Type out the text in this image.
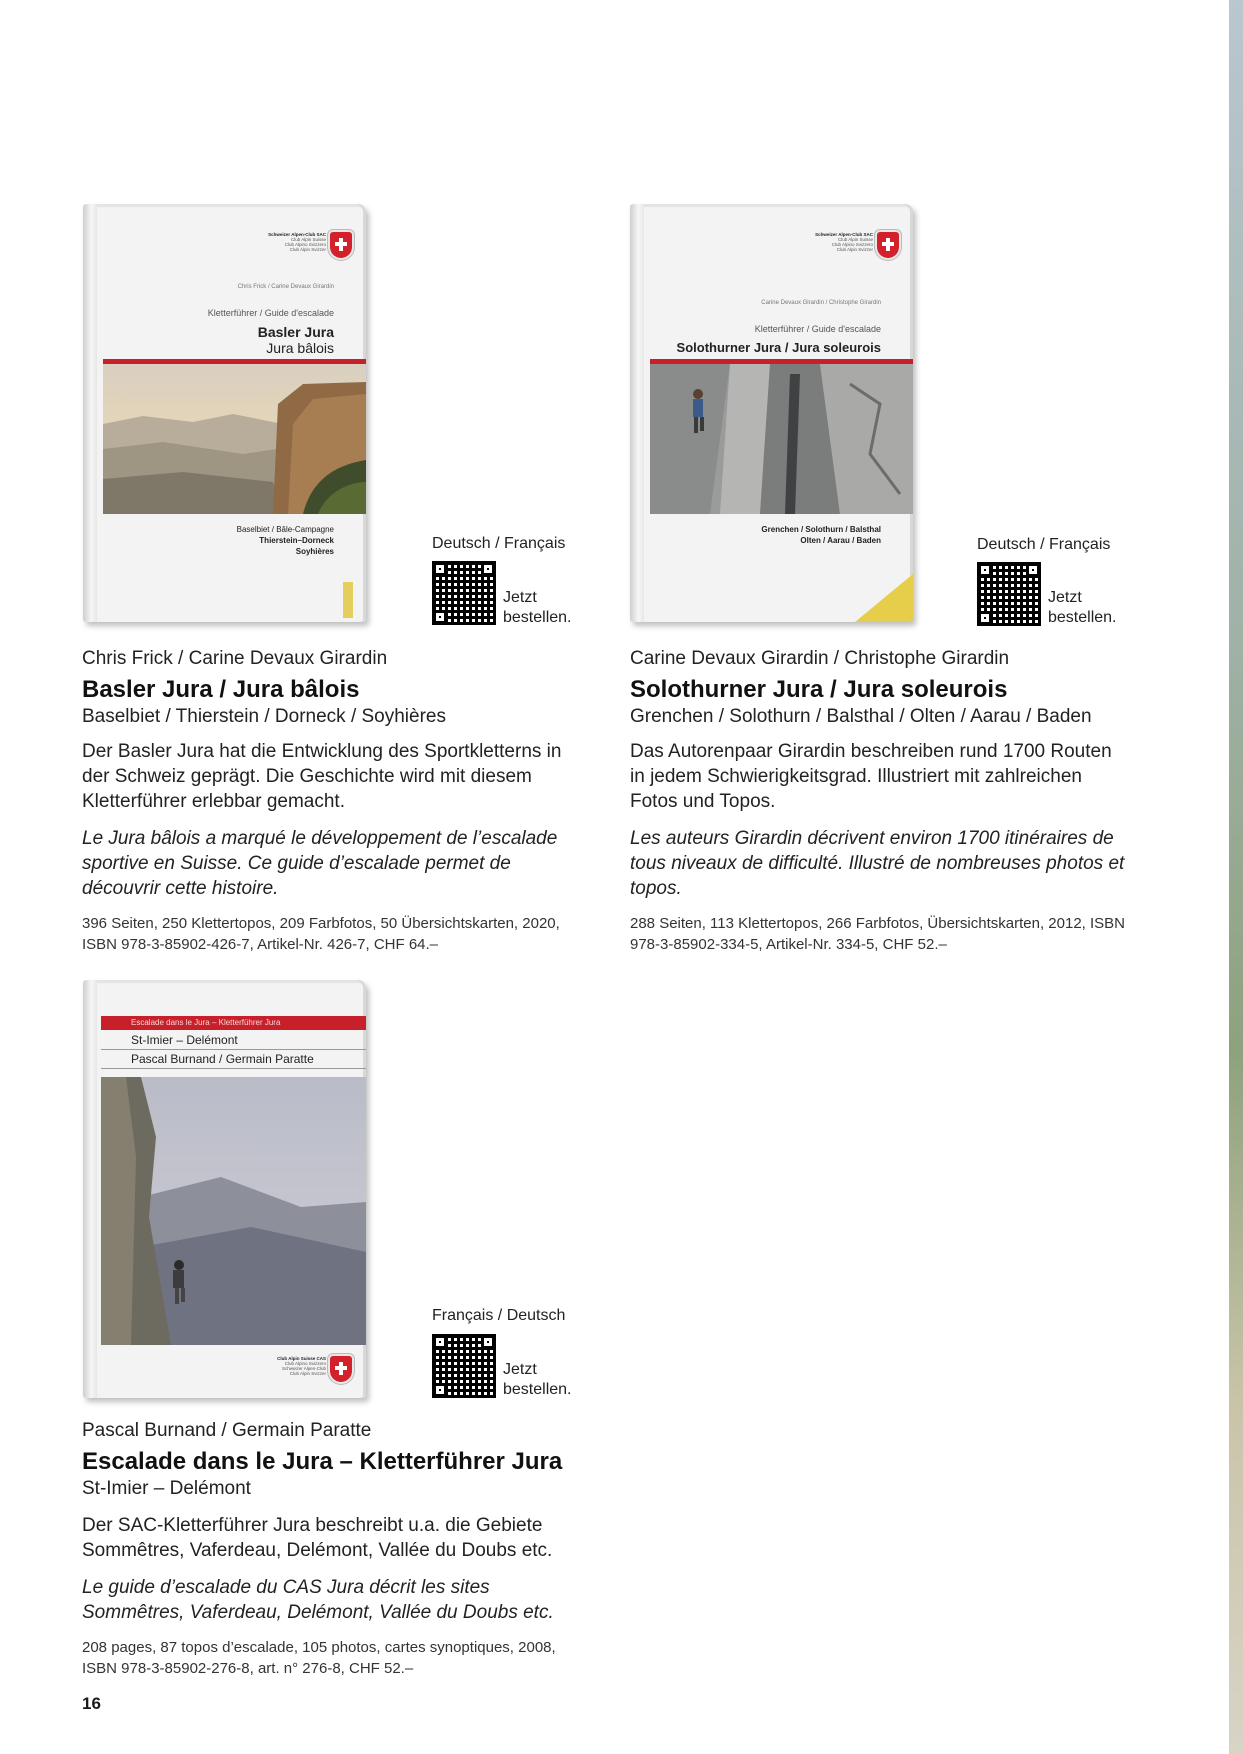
Schweizer Alpen-Club SAC
Club Alpin Suisse
Club Alpino Svizzero
Club Alpin Svizzer
Chris Frick / Carine Devaux Girardin
Kletterführer / Guide d'escalade
Basler Jura
Jura bâlois
Baselbiet / Bâle-Campagne
Thierstein–Dorneck
Soyhières	Deutsch / Français
Jetzt
bestellen.
Chris Frick / Carine Devaux Girardin
Basler Jura / Jura bâlois
Baselbiet / Thierstein / Dorneck / Soyhières

Der Basler Jura hat die Entwicklung des Sportkletterns in der Schweiz geprägt. Die Geschichte wird mit diesem Kletterführer erlebbar gemacht.

Le Jura bâlois a marqué le développement de l’escalade sportive en Suisse. Ce guide d’escalade permet de découvrir cette histoire.

396 Seiten, 250 Klettertopos, 209 Farbfotos, 50 Übersichtskarten, 2020, ISBN 978-3-85902-426-7, Artikel-Nr. 426-7, CHF 64.–

Schweizer Alpen-Club SAC
Club Alpin Suisse
Club Alpino Svizzero
Club Alpin Svizzer
Carine Devaux Girardin / Christophe Girardin
Kletterführer / Guide d'escalade
Solothurner Jura / Jura soleurois
Grenchen / Solothurn / Balsthal
Olten / Aarau / Baden	Deutsch / Français
Jetzt
bestellen.
Carine Devaux Girardin / Christophe Girardin
Solothurner Jura / Jura soleurois
Grenchen / Solothurn / Balsthal / Olten / Aarau / Baden

Das Autorenpaar Girardin beschreiben rund 1700 Routen in jedem Schwierigkeitsgrad. Illustriert mit zahlreichen Fotos und Topos.

Les auteurs Girardin décrivent environ 1700 itinéraires de tous niveaux de difficulté. Illustré de nombreuses photos et topos.

288 Seiten, 113 Klettertopos, 266 Farbfotos, Übersichtskarten, 2012, ISBN 978-3-85902-334-5, Artikel-Nr. 334-5, CHF 52.–

Escalade dans le Jura – Kletterführer Jura
St-Imier – Delémont
Pascal Burnand / Germain Paratte
Club Alpin Suisse CAS
Club Alpino Svizzero
Schweizer Alpen-Club
Club Alpin Svizzer
Français / Deutsch
Jetzt
bestellen.
Pascal Burnand / Germain Paratte
Escalade dans le Jura – Kletterführer Jura
St-Imier – Delémont

Der SAC-Kletterführer Jura beschreibt u.a. die Gebiete Sommêtres, Vaferdeau, Delémont, Vallée du Doubs etc.

Le guide d’escalade du CAS Jura décrit les sites Sommêtres, Vaferdeau, Delémont, Vallée du Doubs etc.

208 pages, 87 topos d’escalade, 105 photos, cartes synoptiques, 2008, ISBN 978-3-85902-276-8, art. n° 276-8, CHF 52.–

16
